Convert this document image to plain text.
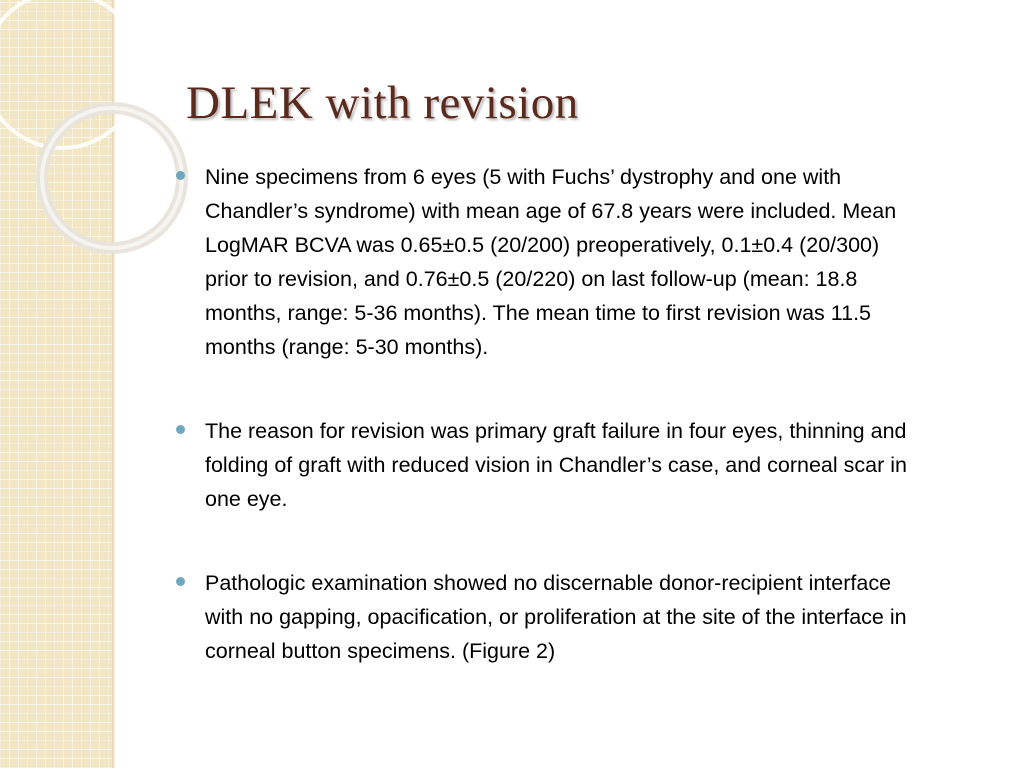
DLEK with revision
Nine specimens from 6 eyes (5 with Fuchs’ dystrophy and one with Chandler’s syndrome) with mean age of 67.8 years were included. Mean LogMAR BCVA was 0.65±0.5 (20/200) preoperatively, 0.1±0.4 (20/300) prior to revision, and 0.76±0.5 (20/220) on last follow-up (mean: 18.8 months, range: 5-36 months). The mean time to first revision was 11.5 months (range: 5-30 months).
The reason for revision was primary graft failure in four eyes, thinning and folding of graft with reduced vision in Chandler’s case, and corneal scar in one eye.
Pathologic examination showed no discernable donor-recipient interface with no gapping, opacification, or proliferation at the site of the interface in corneal button specimens. (Figure 2)
